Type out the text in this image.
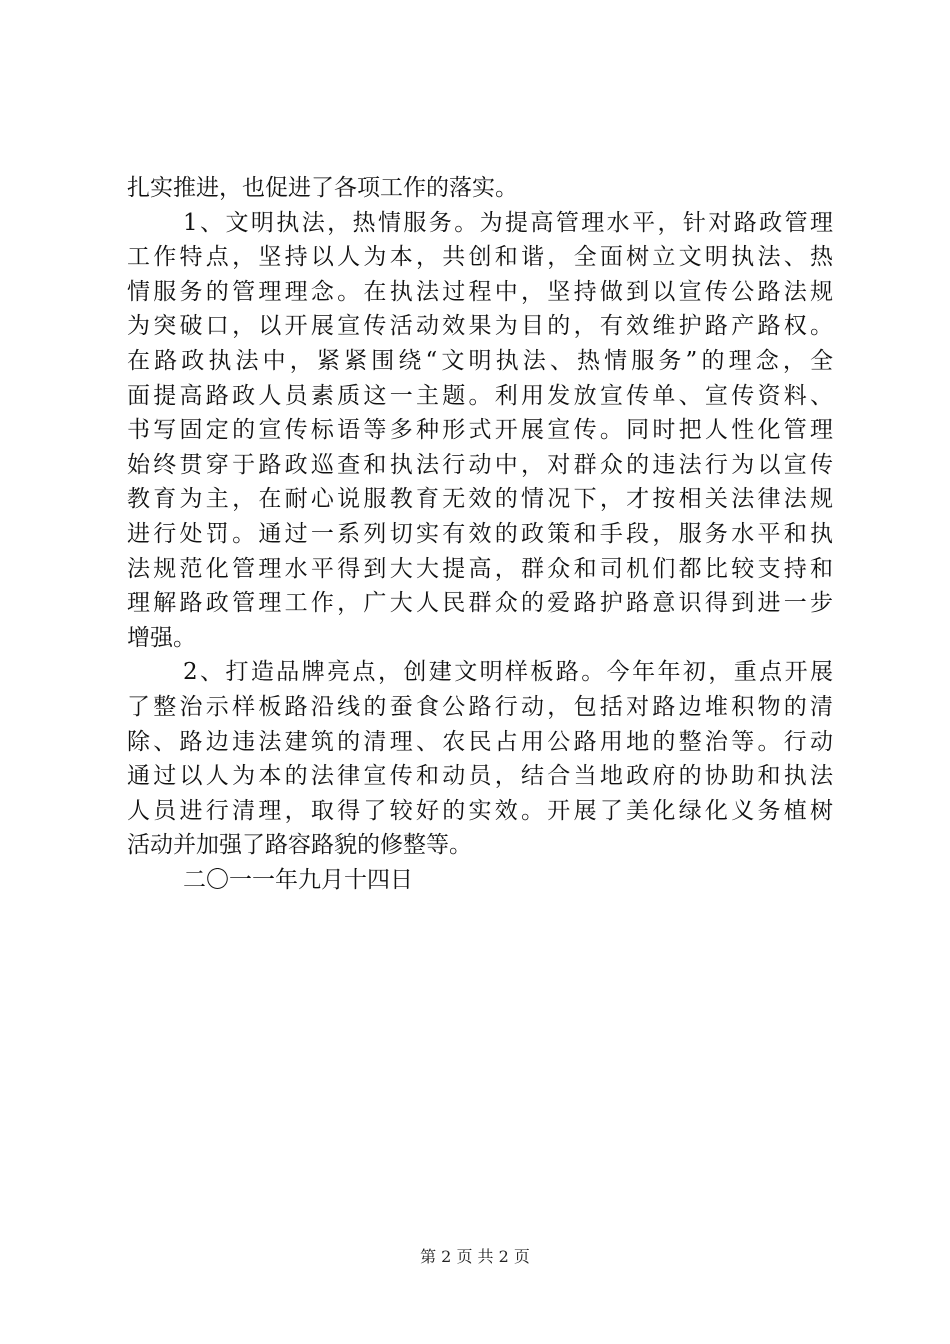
扎实推进，也促进了各项工作的落实。
1、文明执法，热情服务。为提高管理水平，针对路政管理
工作特点，坚持以人为本，共创和谐，全面树立文明执法、热
情服务的管理理念。在执法过程中，坚持做到以宣传公路法规
为突破口，以开展宣传活动效果为目的，有效维护路产路权。
在路政执法中，紧紧围绕“文明执法、热情服务”的理念，全
面提高路政人员素质这一主题。利用发放宣传单、宣传资料、
书写固定的宣传标语等多种形式开展宣传。同时把人性化管理
始终贯穿于路政巡查和执法行动中，对群众的违法行为以宣传
教育为主，在耐心说服教育无效的情况下，才按相关法律法规
进行处罚。通过一系列切实有效的政策和手段，服务水平和执
法规范化管理水平得到大大提高，群众和司机们都比较支持和
理解路政管理工作，广大人民群众的爱路护路意识得到进一步
增强。
2、打造品牌亮点，创建文明样板路。今年年初，重点开展
了整治示样板路沿线的蚕食公路行动，包括对路边堆积物的清
除、路边违法建筑的清理、农民占用公路用地的整治等。行动
通过以人为本的法律宣传和动员，结合当地政府的协助和执法
人员进行清理，取得了较好的实效。开展了美化绿化义务植树
活动并加强了路容路貌的修整等。
二〇一一年九月十四日
第 2 页 共 2 页
